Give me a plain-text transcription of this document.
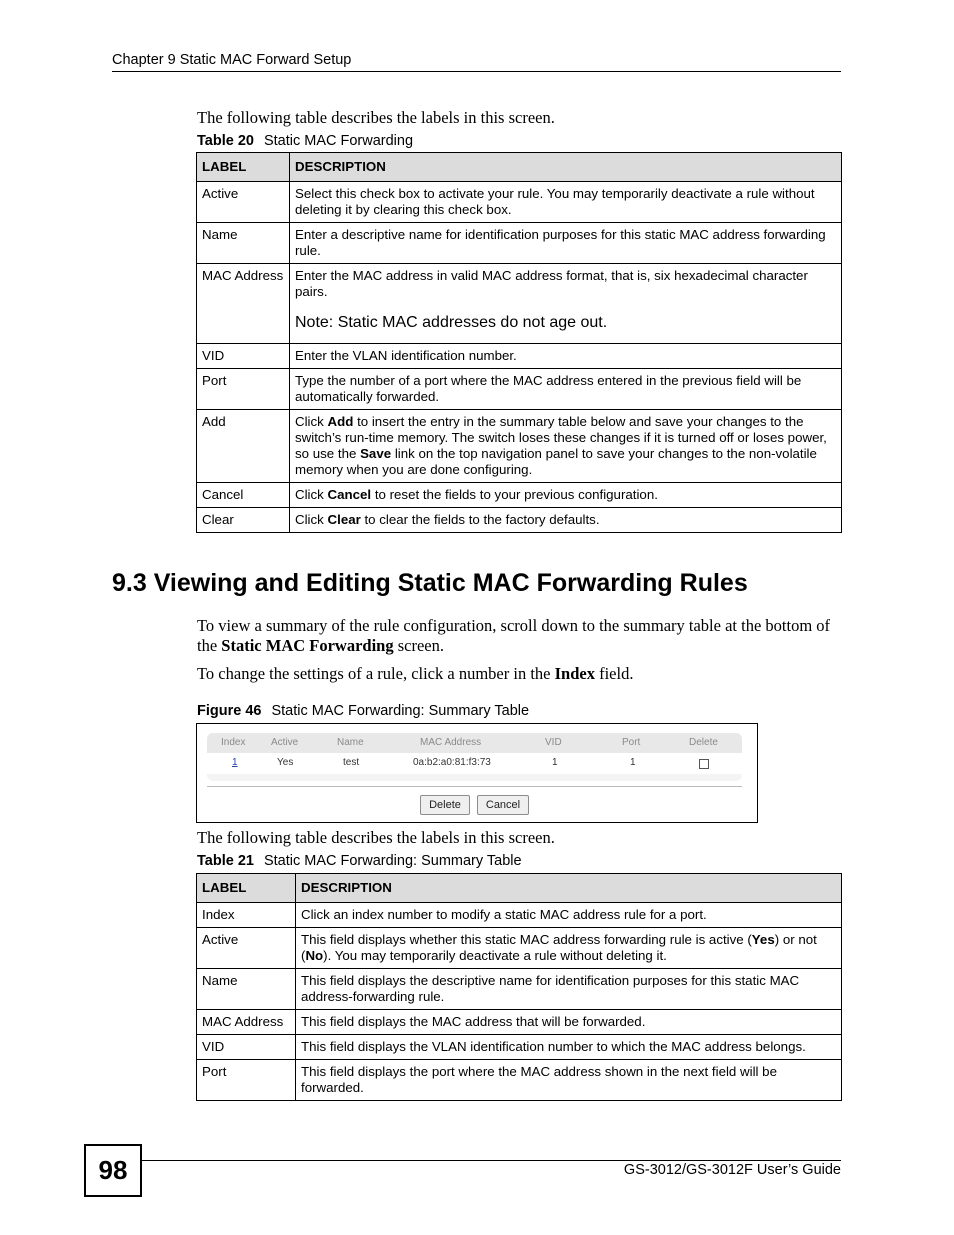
Chapter 9 Static MAC Forward Setup
The following table describes the labels in this screen.
Table 20 Static MAC Forwarding
LABEL	DESCRIPTION
Active	Select this check box to activate your rule. You may temporarily deactivate a rule without deleting it by clearing this check box.
Name	Enter a descriptive name for identification purposes for this static MAC address forwarding rule.
MAC Address	Enter the MAC address in valid MAC address format, that is, six hexadecimal character pairs.
Note: Static MAC addresses do not age out.

VID	Enter the VLAN identification number.
Port	Type the number of a port where the MAC address entered in the previous field will be automatically forwarded.
Add	Click Add to insert the entry in the summary table below and save your changes to the switch’s run-time memory. The switch loses these changes if it is turned off or loses power, so use the Save link on the top navigation panel to save your changes to the non-volatile memory when you are done configuring.
Cancel	Click Cancel to reset the fields to your previous configuration.
Clear	Click Clear to clear the fields to the factory defaults.
9.3 Viewing and Editing Static MAC Forwarding Rules
To view a summary of the rule configuration, scroll down to the summary table at the bottom of the Static MAC Forwarding screen.
To change the settings of a rule, click a number in the Index field.
Figure 46 Static MAC Forwarding: Summary Table
Index	Active	Name	MAC Address	VID	Port	Delete
1	Yes	test	0a:b2:a0:81:f3:73	1	1
Delete	Cancel
The following table describes the labels in this screen.
Table 21 Static MAC Forwarding: Summary Table
LABEL	DESCRIPTION
Index	Click an index number to modify a static MAC address rule for a port.
Active	This field displays whether this static MAC address forwarding rule is active (Yes) or not (No). You may temporarily deactivate a rule without deleting it.
Name	This field displays the descriptive name for identification purposes for this static MAC address-forwarding rule.
MAC Address	This field displays the MAC address that will be forwarded.
VID	This field displays the VLAN identification number to which the MAC address belongs.
Port	This field displays the port where the MAC address shown in the next field will be forwarded.
98	GS-3012/GS-3012F User’s Guide
